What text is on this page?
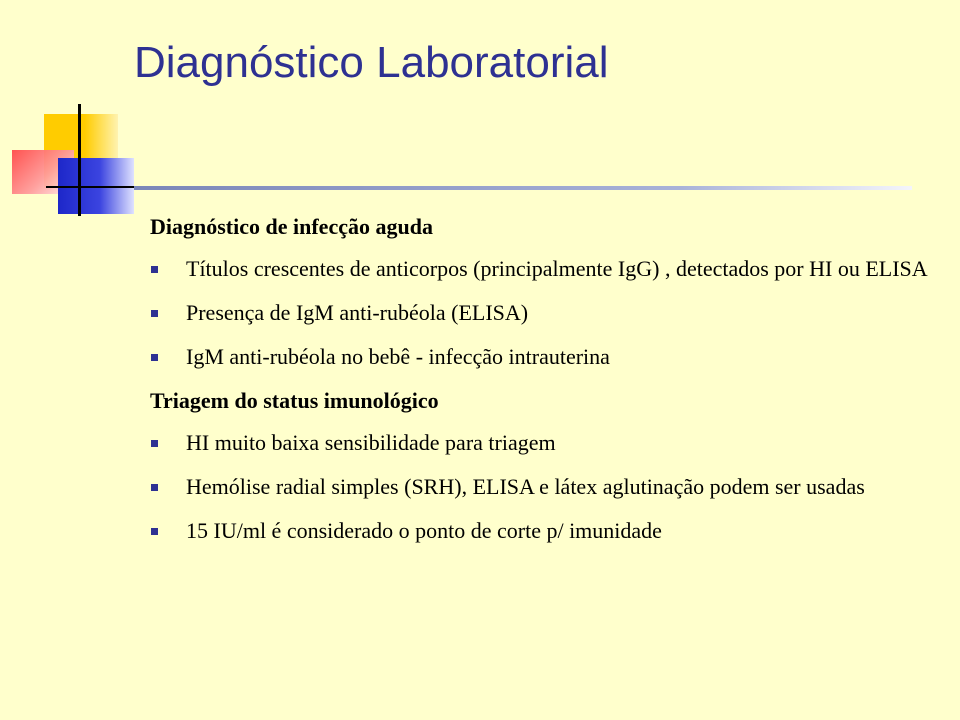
Diagnóstico Laboratorial

Diagnóstico de infecção aguda

Títulos crescentes de anticorpos (principalmente IgG) , detectados por HI ou ELISA
Presença de IgM anti-rubéola (ELISA)
IgM anti-rubéola no bebê - infecção intrauterina

Triagem do status imunológico

HI muito baixa sensibilidade para triagem
Hemólise radial simples (SRH), ELISA e látex aglutinação podem ser usadas
15 IU/ml é considerado o ponto de corte p/ imunidade
